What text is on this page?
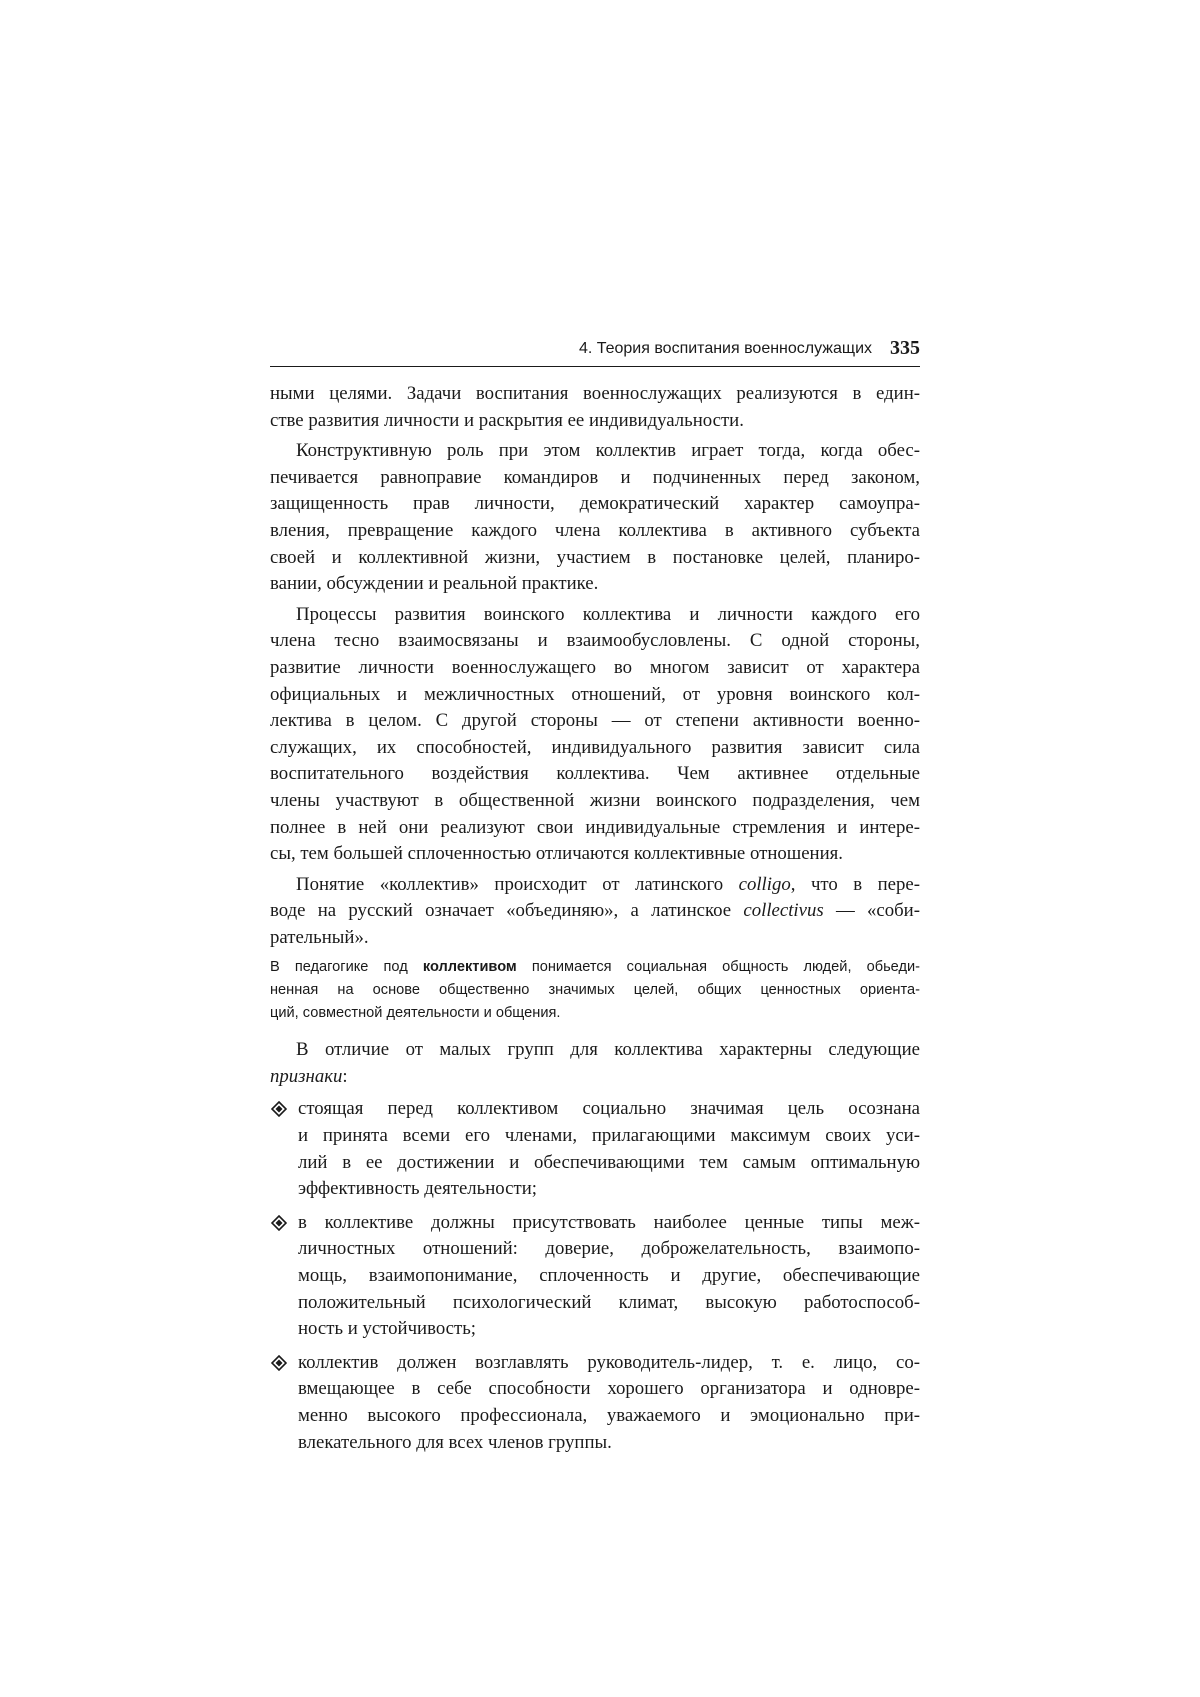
4. Теория воспитания военнослужащих 335
ными целями. Задачи воспитания военнослужащих реализуются в един-
стве развития личности и раскрытия ее индивидуальности.
Конструктивную роль при этом коллектив играет тогда, когда обес-
печивается равноправие командиров и подчиненных перед законом,
защищенность прав личности, демократический характер самоупра-
вления, превращение каждого члена коллектива в активного субъекта
своей и коллективной жизни, участием в постановке целей, планиро-
вании, обсуждении и реальной практике.
Процессы развития воинского коллектива и личности каждого его
члена тесно взаимосвязаны и взаимообусловлены. С одной стороны,
развитие личности военнослужащего во многом зависит от характера
официальных и межличностных отношений, от уровня воинского кол-
лектива в целом. С другой стороны — от степени активности военно-
служащих, их способностей, индивидуального развития зависит сила
воспитательного воздействия коллектива. Чем активнее отдельные
члены участвуют в общественной жизни воинского подразделения, чем
полнее в ней они реализуют свои индивидуальные стремления и интере-
сы, тем большей сплоченностью отличаются коллективные отношения.
Понятие «коллектив» происходит от латинского colligo, что в пере-
воде на русский означает «объединяю», а латинское collectivus — «соби-
рательный».
В педагогике под коллективом понимается социальная общность людей, обьеди-
ненная на основе общественно значимых целей, общих ценностных ориента-
ций, совместной деятельности и общения.
В отличие от малых групп для коллектива характерны следующие
признаки:
стоящая перед коллективом социально значимая цель осознана
и принята всеми его членами, прилагающими максимум своих уси-
лий в ее достижении и обеспечивающими тем самым оптимальную
эффективность деятельности;
в коллективе должны присутствовать наиболее ценные типы меж-
личностных отношений: доверие, доброжелательность, взаимопо-
мощь, взаимопонимание, сплоченность и другие, обеспечивающие
положительный психологический климат, высокую работоспособ-
ность и устойчивость;
коллектив должен возглавлять руководитель-лидер, т. е. лицо, со-
вмещающее в себе способности хорошего организатора и одновре-
менно высокого профессионала, уважаемого и эмоционально при-
влекательного для всех членов группы.
